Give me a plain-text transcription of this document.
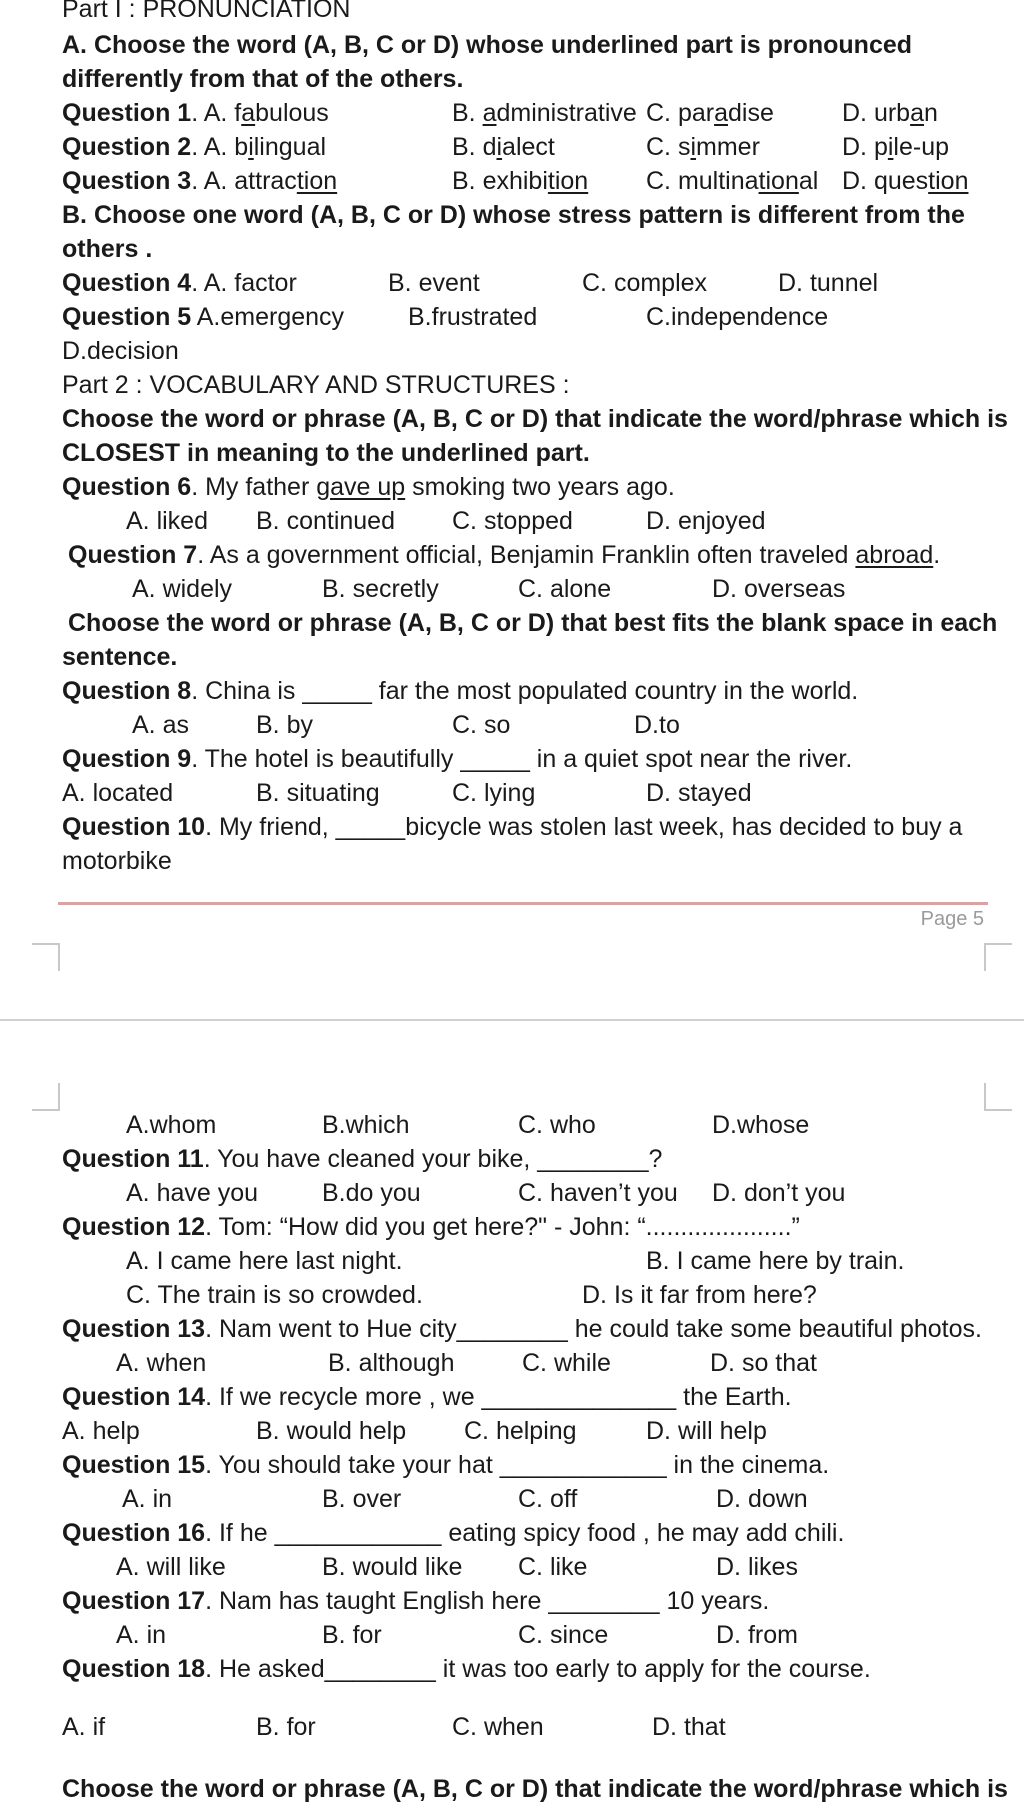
Part I : PRONUNCIATION
A. Choose the word (A, B, C or D) whose underlined part is pronounced
differently from that of the others.
Question 1. A. fabulous	B. administrative C. paradise	D. urban
Question 2. A. bilingual	B. dialect	C. simmer	D. pile-up
Question 3. A. attraction	B. exhibition C. multinational D. question
B. Choose one word (A, B, C or D) whose stress pattern is different from the
others .
Question 4. A. factor	B. event	C. complex	D. tunnel
Question 5 A.emergency	B.frustrated	C.independence
D.decision
Part 2 : VOCABULARY AND STRUCTURES :
Choose the word or phrase (A, B, C or D) that indicate the word/phrase which is
CLOSEST in meaning to the underlined part.
Question 6. My father gave up smoking two years ago.
A. liked B. continued C. stopped	D. enjoyed
Question 7. As a government official, Benjamin Franklin often traveled abroad.
A. widely	B. secretly	C. alone	D. overseas
Choose the word or phrase (A, B, C or D) that best fits the blank space in each
sentence.
Question 8. China is _____ far the most populated country in the world.
A. as	B. by	C. so	D.to
Question 9. The hotel is beautifully _____ in a quiet spot near the river.
A. located	B. situating	C. lying	D. stayed
Question 10. My friend, _____bicycle was stolen last week, has decided to buy a
motorbike
Page 5
A.whom	B.which	C. who	D.whose
Question 11. You have cleaned your bike, ________?
A. have you	B.do you	C. haven’t you D. don’t you
Question 12. Tom: “How did you get here?" - John: “.....................”
A. I came here last night.	B. I came here by train.
C. The train is so crowded.	D. Is it far from here?
Question 13. Nam went to Hue city________ he could take some beautiful photos.
A. when	B. although	C. while	D. so that
Question 14. If we recycle more , we ______________ the Earth.
A. help	B. would help C. helping	D. will help
Question 15. You should take your hat ____________ in the cinema.
A. in	B. over	C. off	D. down
Question 16. If he ____________ eating spicy food , he may add chili.
A. will like	B. would like C. like	D. likes
Question 17. Nam has taught English here ________ 10 years.
A. in	B. for	C. since	D. from
Question 18. He asked________ it was too early to apply for the course.
A. if	B. for	C. when	D. that
Choose the word or phrase (A, B, C or D) that indicate the word/phrase which is
